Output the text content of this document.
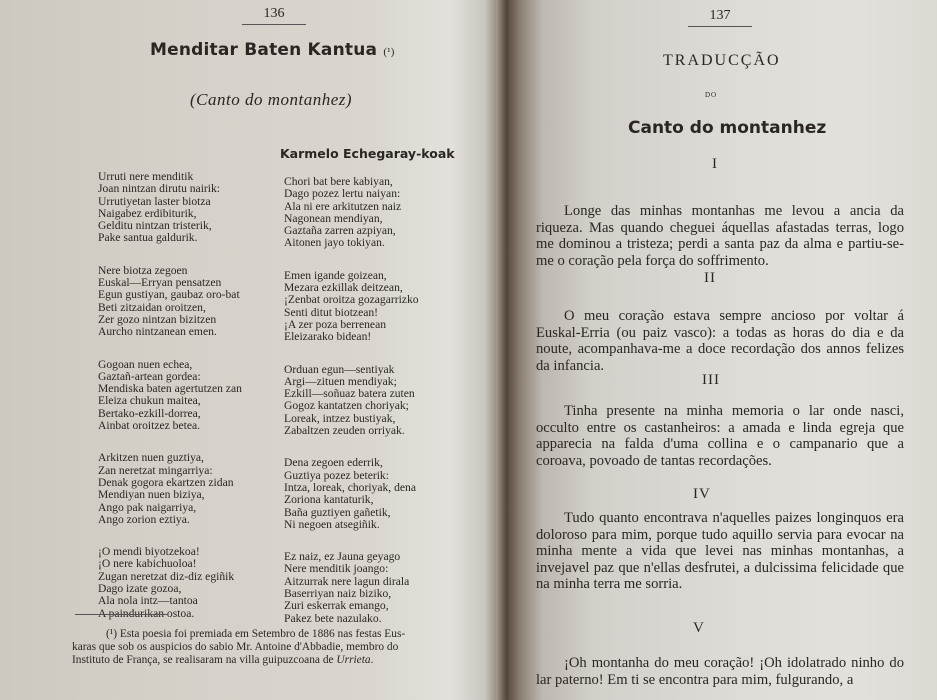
136
Menditar Baten Kantua (¹)
(Canto do montanhez)
Karmelo Echegaray-koak
Urruti nere menditik
Joan nintzan dirutu nairik:
Urrutiyetan laster biotza
Naigabez erdibiturik,
Gelditu nintzan tristerik,
Pake santua galdurik.
Nere biotza zegoen
Euskal—Erryan pensatzen
Egun gustiyan, gaubaz oro-bat
Beti zitzaidan oroitzen,
Zer gozo nintzan bizitzen
Aurcho nintzanean emen.
Gogoan nuen echea,
Gaztañ-artean gordea:
Mendiska baten agertutzen zan
Eleiza chukun maitea,
Bertako-ezkill-dorrea,
Ainbat oroitzez betea.
Arkitzen nuen guztiya,
Zan neretzat mingarriya:
Denak gogora ekartzen zidan
Mendiyan nuen biziya,
Ango pak naigarriya,
Ango zorion eztiya.
¡O mendi biyotzekoa!
¡O nere kabichuoloa!
Zugan neretzat diz-diz egiñik
Dago izate gozoa,
Ala nola intz—tantoa
A paindurikan ostoa.
Chori bat bere kabiyan,
Dago pozez lertu naiyan:
Ala ni ere arkitutzen naiz
Nagonean mendiyan,
Gaztaña zarren azpiyan,
Aitonen jayo tokiyan.
Emen igande goizean,
Mezara ezkillak deitzean,
¡Zenbat oroitza gozagarrizko
Senti ditut biotzean!
¡A zer poza berrenean
Eleizarako bidean!
Orduan egun—sentiyak
Argi—zituen mendiyak;
Ezkill—soñuaz batera zuten
Gogoz kantatzen choriyak;
Loreak, intzez bustiyak,
Zabaltzen zeuden orriyak.
Dena zegoen ederrik,
Guztiya pozez beterik:
Intza, loreak, choriyak, dena
Zoriona kantaturik,
Baña guztiyen gañetik,
Ni negoen atsegiñik.
Ez naiz, ez Jauna geyago
Nere menditik joango:
Aitzurrak nere lagun dirala
Baserriyan naiz biziko,
Zuri eskerrak emango,
Pakez bete nazulako.

(¹) Esta poesia foi premiada em Setembro de 1886 nas festas Eus-

karas que sob os auspicios do sabio Mr. Antoine d'Abbadie, membro do

Instituto de França, se realisaram na villa guipuzcoana de Urrieta.

137
TRADUCÇÃO
DO
Canto do montanhez
I

Longe das minhas montanhas me levou a ancia da riqueza. Mas quando cheguei áquellas afastadas terras, logo me dominou a tristeza; perdi a santa paz da alma e partiu-se-me o coração pela força do soffrimento.

II

O meu coração estava sempre ancioso por voltar á Euskal-Erria (ou paiz vasco): a todas as horas do dia e da noute, acompanhava-me a doce recordação dos annos felizes da infancia.

III

Tinha presente na minha memoria o lar onde nasci, occulto entre os castanheiros: a amada e linda egreja que apparecia na falda d'uma collina e o campanario que a coroava, povoado de tantas recordações.

IV

Tudo quanto encontrava n'aquelles paizes longinquos era doloroso para mim, porque tudo aquillo servia para evocar na minha mente a vida que levei nas minhas montanhas, a invejavel paz que n'ellas desfrutei, a dulcissima felicidade que na minha terra me sorria.

V

¡Oh montanha do meu coração! ¡Oh idolatrado ninho do lar paterno! Em ti se encontra para mim, fulgurando, a
